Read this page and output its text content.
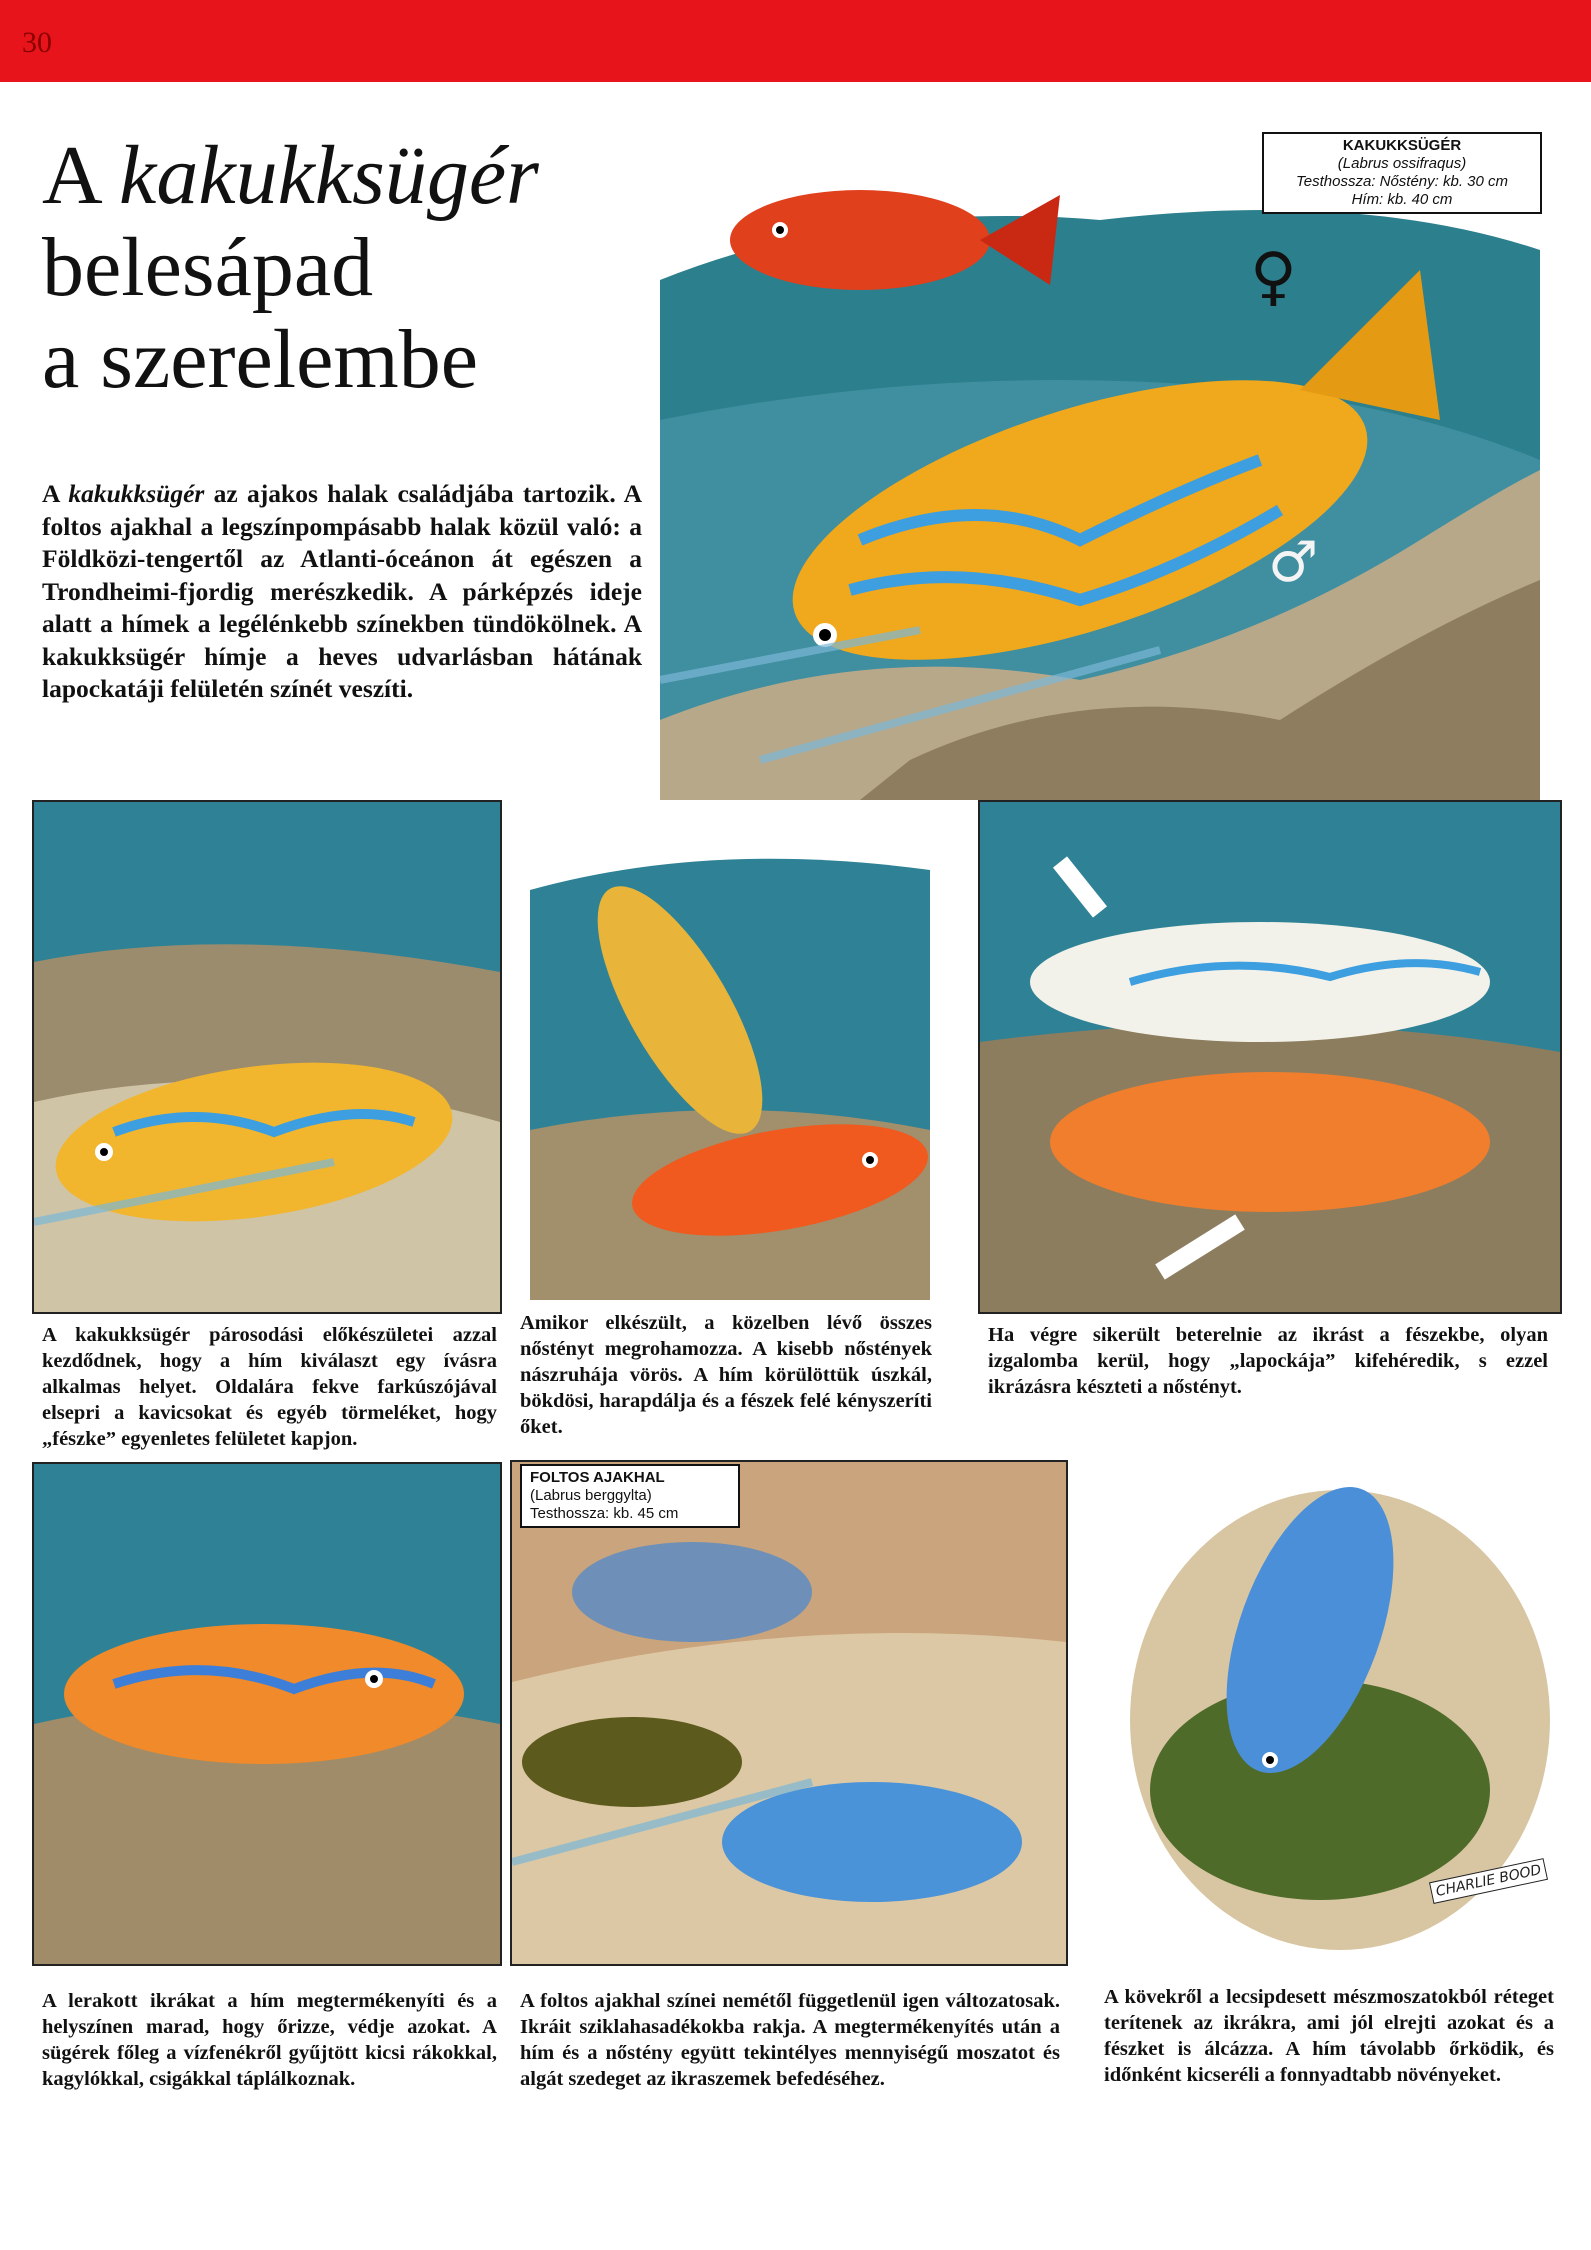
30
A kakukksügér
belesápad
a szerelembe
A kakukksügér az ajakos halak családjába tartozik. A foltos ajakhal a legszínpompásabb halak közül való: a Földközi-tengertől az Atlanti-óceánon át egészen a Trondheimi-fjordig merészkedik. A párképzés ideje alatt a hímek a legélénkebb színekben tündökölnek. A kakukksügér hímje a heves udvarlásban hátának lapockatáji felületén színét veszíti.
♀
♂
KAKUKKSÜGÉR
(Labrus ossifraqus)
Testhossza: Nőstény: kb. 30 cm
Hím: kb. 40 cm
A kakukksügér párosodási előkészületei azzal kezdődnek, hogy a hím kiválaszt egy ívásra alkalmas helyet. Oldalára fekve farkúszójával elsepri a kavicsokat és egyéb törmeléket, hogy „fészke” egyenletes felületet kapjon.
Amikor elkészült, a közelben lévő összes nőstényt megrohamozza. A kisebb nőstények nászruhája vörös. A hím körülöttük úszkál, bökdösi, harapdálja és a fészek felé kényszeríti őket.
Ha végre sikerült beterelnie az ikrást a fészekbe, olyan izgalomba kerül, hogy „lapockája” kifehéredik, s ezzel ikrázásra készteti a nőstényt.
FOLTOS AJAKHAL
(Labrus berggylta)
Testhossza: kb. 45 cm
CHARLIE BOOD
A lerakott ikrákat a hím megtermékenyíti és a helyszínen marad, hogy őrizze, védje azokat. A sügérek főleg a vízfenékről gyűjtött kicsi rákokkal, kagylókkal, csigákkal táplálkoznak.
A foltos ajakhal színei nemétől függetlenül igen változatosak. Ikráit sziklahasadékokba rakja. A megtermékenyítés után a hím és a nőstény együtt tekintélyes mennyiségű moszatot és algát szedeget az ikraszemek befedéséhez.
A kövekről a lecsipdesett mészmoszatokból réteget terítenek az ikrákra, ami jól elrejti azokat és a fészket is álcázza. A hím távolabb őrködik, és időnként kicseréli a fonnyadtabb növényeket.
